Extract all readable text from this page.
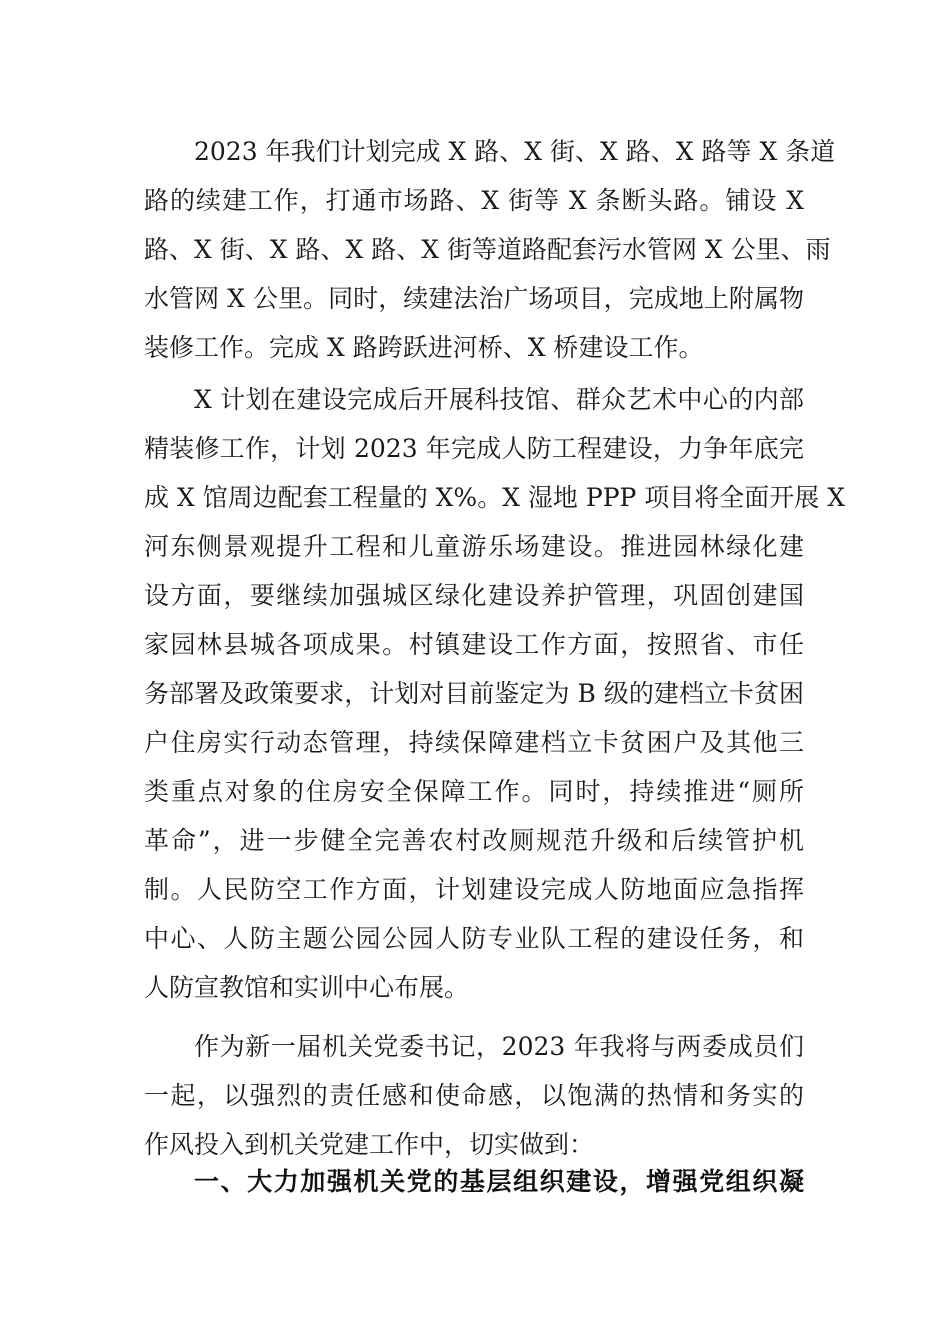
2023 年我们计划完成 X 路、X 街、X 路、X 路等 X 条道
路的续建工作，打通市场路、X 街等 X 条断头路。铺设 X
路、X 街、X 路、X 路、X 街等道路配套污水管网 X 公里、雨
水管网 X 公里。同时，续建法治广场项目，完成地上附属物
装修工作。完成 X 路跨跃进河桥、X 桥建设工作。
X 计划在建设完成后开展科技馆、群众艺术中心的内部
精装修工作，计划 2023 年完成人防工程建设，力争年底完
成 X 馆周边配套工程量的 X%。X 湿地 PPP 项目将全面开展 X
河东侧景观提升工程和儿童游乐场建设。推进园林绿化建
设方面，要继续加强城区绿化建设养护管理，巩固创建国
家园林县城各项成果。村镇建设工作方面，按照省、市任
务部署及政策要求，计划对目前鉴定为 B 级的建档立卡贫困
户住房实行动态管理，持续保障建档立卡贫困户及其他三
类重点对象的住房安全保障工作。同时，持续推进“厕所
革命”，进一步健全完善农村改厕规范升级和后续管护机
制。人民防空工作方面，计划建设完成人防地面应急指挥
中心、人防主题公园公园人防专业队工程的建设任务，和
人防宣教馆和实训中心布展。
作为新一届机关党委书记，2023 年我将与两委成员们
一起，以强烈的责任感和使命感，以饱满的热情和务实的
作风投入到机关党建工作中，切实做到：
一、大力加强机关党的基层组织建设，增强党组织凝
